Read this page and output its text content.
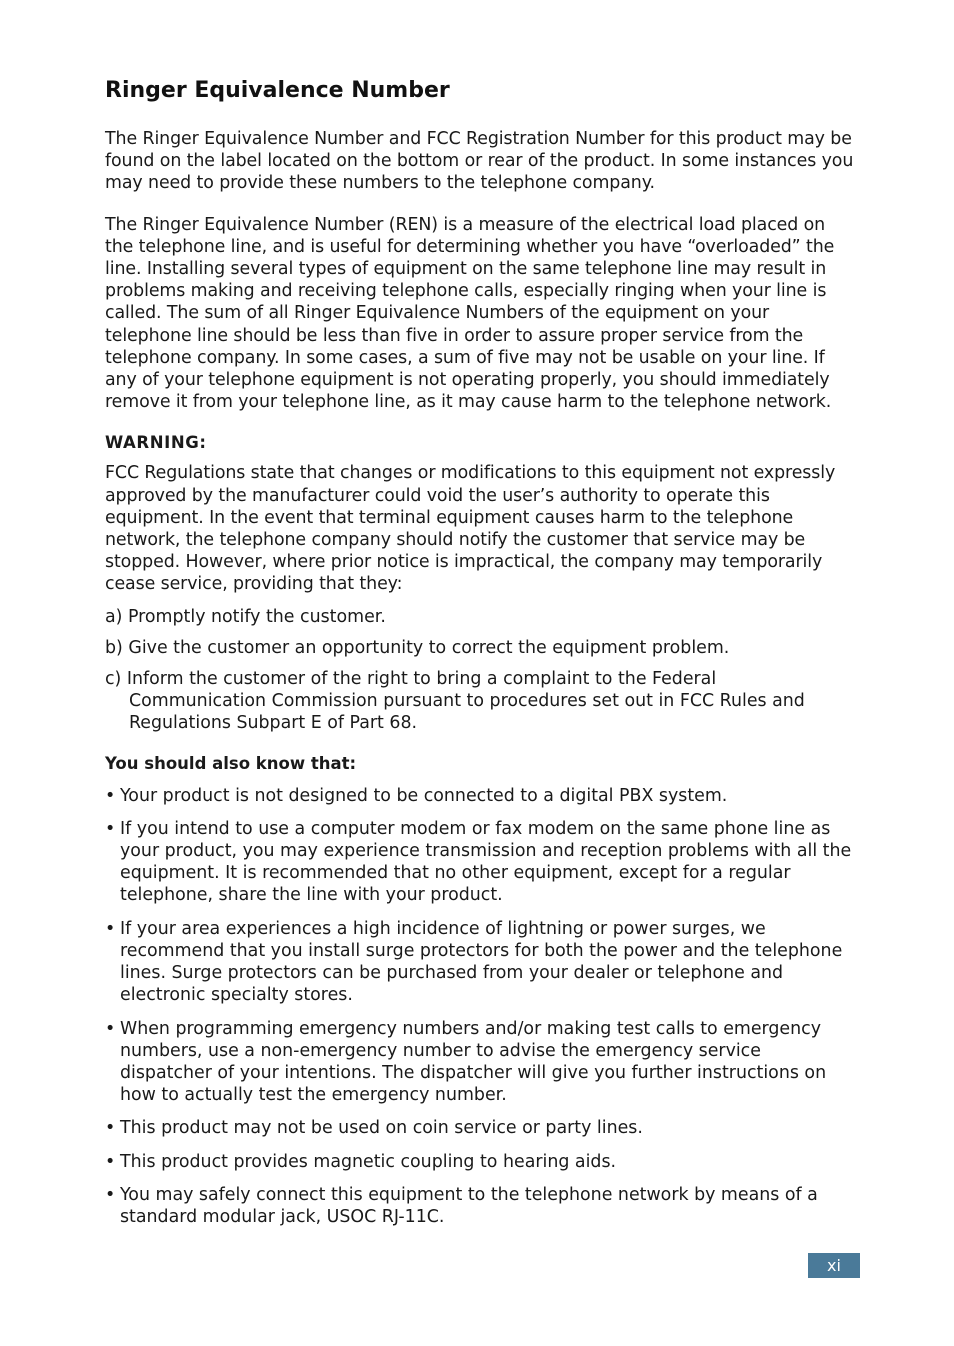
Ringer Equivalence Number

The Ringer Equivalence Number and FCC Registration Number for this product may be found on the label located on the bottom or rear of the product. In some instances you may need to provide these numbers to the telephone company.

The Ringer Equivalence Number (REN) is a measure of the electrical load placed on the telephone line, and is useful for determining whether you have “overloaded” the line. Installing several types of equipment on the same telephone line may result in problems making and receiving telephone calls, especially ringing when your line is called. The sum of all Ringer Equivalence Numbers of the equipment on your telephone line should be less than five in order to assure proper service from the telephone company. In some cases, a sum of five may not be usable on your line. If any of your telephone equipment is not operating properly, you should immediately remove it from your telephone line, as it may cause harm to the telephone network.

WARNING:

FCC Regulations state that changes or modifications to this equipment not expressly approved by the manufacturer could void the user’s authority to operate this equipment. In the event that terminal equipment causes harm to the telephone network, the telephone company should notify the customer that service may be stopped. However, where prior notice is impractical, the company may temporarily cease service, providing that they:

a) Promptly notify the customer.
b) Give the customer an opportunity to correct the equipment problem.
c) Inform the customer of the right to bring a complaint to the Federal Communication Commission pursuant to procedures set out in FCC Rules and Regulations Subpart E of Part 68.
You should also know that:
• Your product is not designed to be connected to a digital PBX system.
• If you intend to use a computer modem or fax modem on the same phone line as your product, you may experience transmission and reception problems with all the equipment. It is recommended that no other equipment, except for a regular telephone, share the line with your product.
• If your area experiences a high incidence of lightning or power surges, we recommend that you install surge protectors for both the power and the telephone lines. Surge protectors can be purchased from your dealer or telephone and electronic specialty stores.
• When programming emergency numbers and/or making test calls to emergency numbers, use a non-emergency number to advise the emergency service dispatcher of your intentions. The dispatcher will give you further instructions on how to actually test the emergency number.
• This product may not be used on coin service or party lines.
• This product provides magnetic coupling to hearing aids.
• You may safely connect this equipment to the telephone network by means of a standard modular jack, USOC RJ-11C.
xi
